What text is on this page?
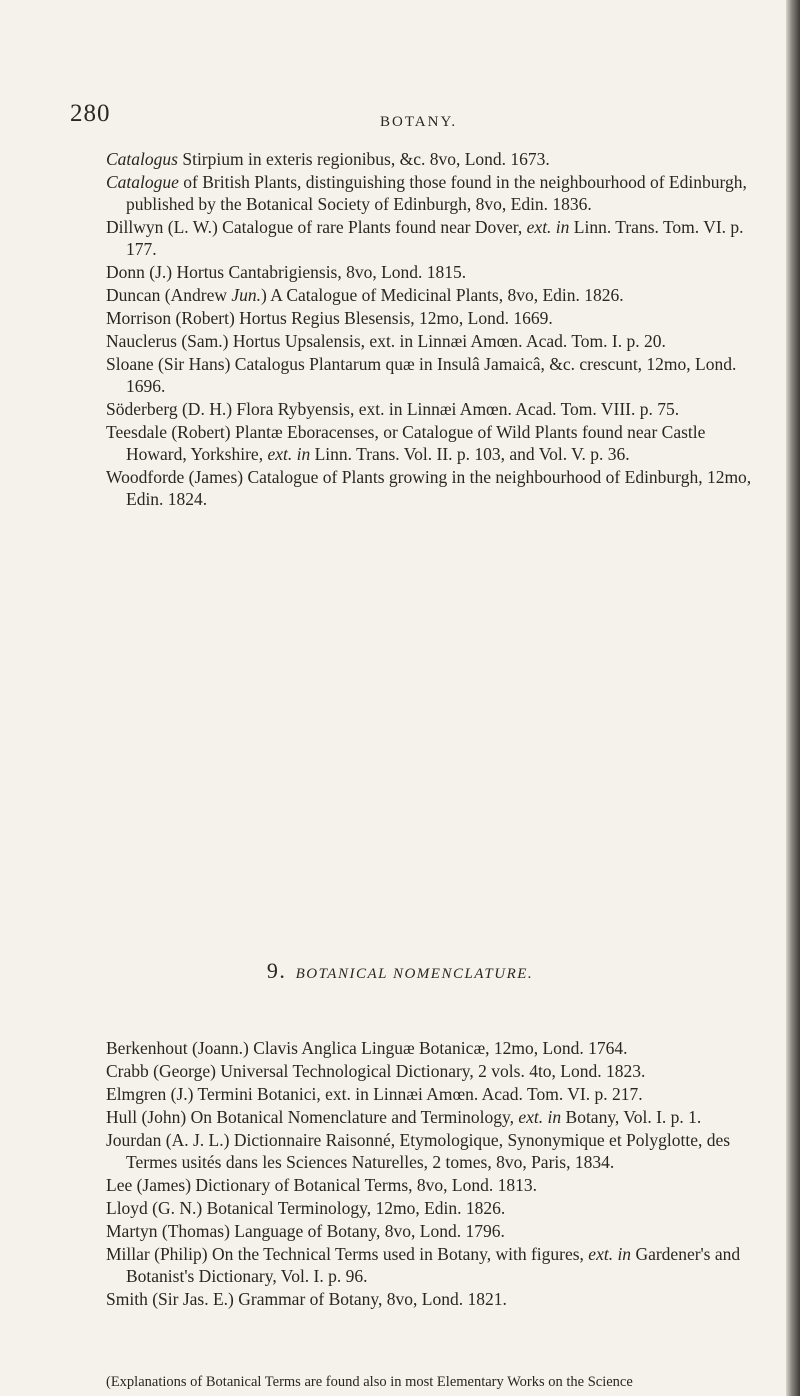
280	BOTANY.
Catalogus Stirpium in exteris regionibus, &c. 8vo, Lond. 1673.
Catalogue of British Plants, distinguishing those found in the neighbourhood of Edinburgh, published by the Botanical Society of Edinburgh, 8vo, Edin. 1836.
Dillwyn (L. W.) Catalogue of rare Plants found near Dover, ext. in Linn. Trans. Tom. VI. p. 177.
Donn (J.) Hortus Cantabrigiensis, 8vo, Lond. 1815.
Duncan (Andrew Jun.) A Catalogue of Medicinal Plants, 8vo, Edin. 1826.
Morrison (Robert) Hortus Regius Blesensis, 12mo, Lond. 1669.
Nauclerus (Sam.) Hortus Upsalensis, ext. in Linnæi Amœn. Acad. Tom. I. p. 20.
Sloane (Sir Hans) Catalogus Plantarum quæ in Insulâ Jamaicâ, &c. crescunt, 12mo, Lond. 1696.
Söderberg (D. H.) Flora Rybyensis, ext. in Linnæi Amœn. Acad. Tom. VIII. p. 75.
Teesdale (Robert) Plantæ Eboracenses, or Catalogue of Wild Plants found near Castle Howard, Yorkshire, ext. in Linn. Trans. Vol. II. p. 103, and Vol. V. p. 36.
Woodforde (James) Catalogue of Plants growing in the neighbourhood of Edinburgh, 12mo, Edin. 1824.
9. BOTANICAL NOMENCLATURE.
Berkenhout (Joann.) Clavis Anglica Linguæ Botanicæ, 12mo, Lond. 1764.
Crabb (George) Universal Technological Dictionary, 2 vols. 4to, Lond. 1823.
Elmgren (J.) Termini Botanici, ext. in Linnæi Amœn. Acad. Tom. VI. p. 217.
Hull (John) On Botanical Nomenclature and Terminology, ext. in Botany, Vol. I. p. 1.
Jourdan (A. J. L.) Dictionnaire Raisonné, Etymologique, Synonymique et Polyglotte, des Termes usités dans les Sciences Naturelles, 2 tomes, 8vo, Paris, 1834.
Lee (James) Dictionary of Botanical Terms, 8vo, Lond. 1813.
Lloyd (G. N.) Botanical Terminology, 12mo, Edin. 1826.
Martyn (Thomas) Language of Botany, 8vo, Lond. 1796.
Millar (Philip) On the Technical Terms used in Botany, with figures, ext. in Gardener's and Botanist's Dictionary, Vol. I. p. 96.
Smith (Sir Jas. E.) Grammar of Botany, 8vo, Lond. 1821.
(Explanations of Botanical Terms are found also in most Elementary Works on the Science
